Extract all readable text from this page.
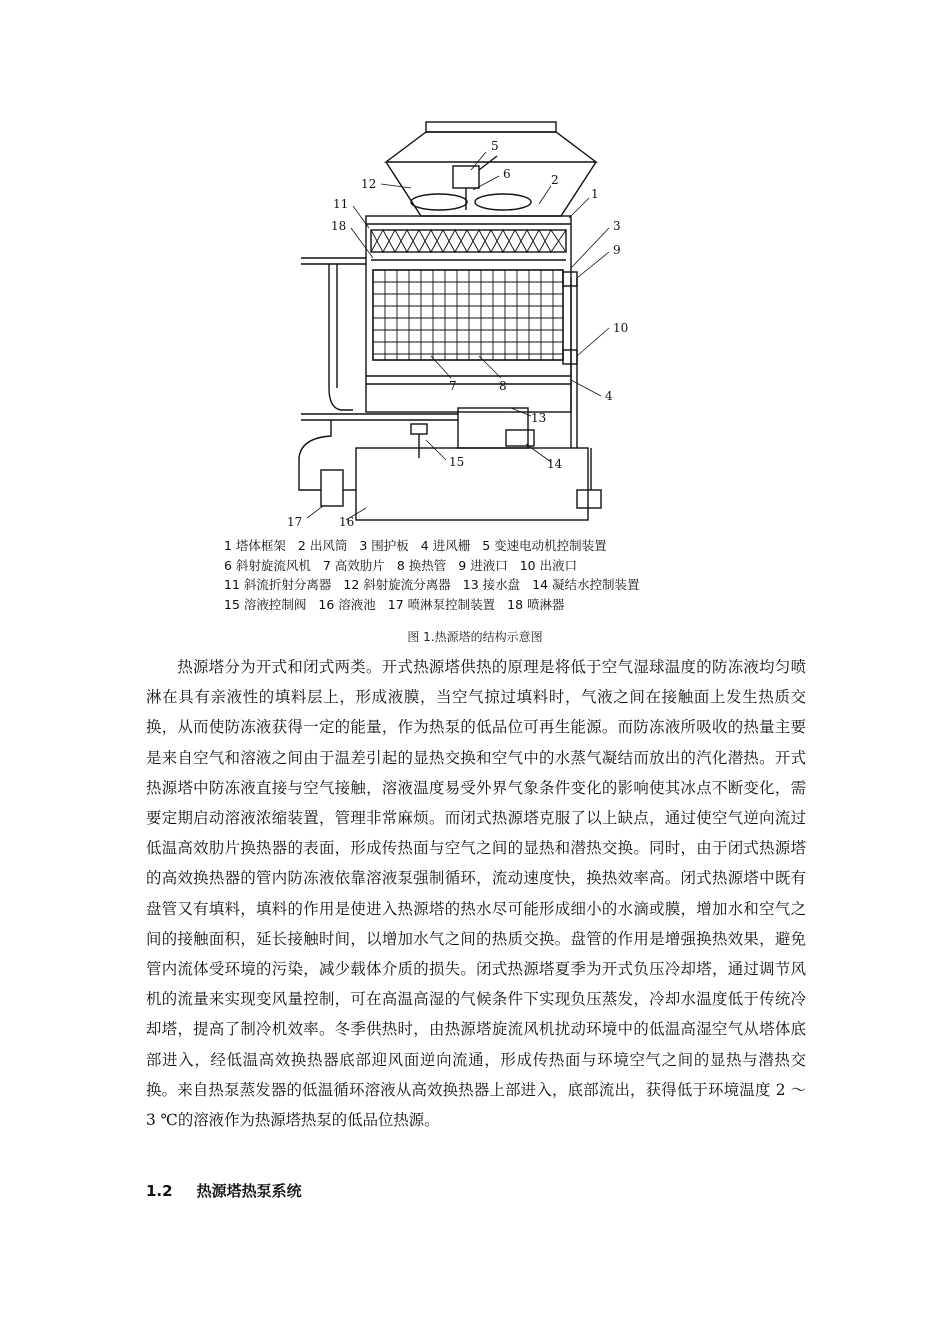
5
6
12	2
1
11
18	3
9
10
7	8
4
13
15	14
17	16
1 塔体框架 2 出风筒 3 围护板 4 进风栅 5 变速电动机控制装置
6 斜射旋流风机 7 高效肋片 8 换热管 9 进液口 10 出液口
11 斜流折射分离器 12 斜射旋流分离器 13 接水盘 14 凝结水控制装置
15 溶液控制阀 16 溶液池 17 喷淋泵控制装置 18 喷淋器
图 1.热源塔的结构示意图

热源塔分为开式和闭式两类。开式热源塔供热的原理是将低于空气湿球温度的防冻液均匀喷淋在具有亲液性的填料层上，形成液膜，当空气掠过填料时，气液之间在接触面上发生热质交换，从而使防冻液获得一定的能量，作为热泵的低品位可再生能源。而防冻液所吸收的热量主要是来自空气和溶液之间由于温差引起的显热交换和空气中的水蒸气凝结而放出的汽化潜热。开式热源塔中防冻液直接与空气接触，溶液温度易受外界气象条件变化的影响使其冰点不断变化，需要定期启动溶液浓缩装置，管理非常麻烦。而闭式热源塔克服了以上缺点，通过使空气逆向流过低温高效肋片换热器的表面，形成传热面与空气之间的显热和潜热交换。同时，由于闭式热源塔的高效换热器的管内防冻液依靠溶液泵强制循环，流动速度快，换热效率高。闭式热源塔中既有盘管又有填料，填料的作用是使进入热源塔的热水尽可能形成细小的水滴或膜，增加水和空气之间的接触面积，延长接触时间，以增加水气之间的热质交换。盘管的作用是增强换热效果，避免管内流体受环境的污染，减少载体介质的损失。闭式热源塔夏季为开式负压冷却塔，通过调节风机的流量来实现变风量控制，可在高温高湿的气候条件下实现负压蒸发，冷却水温度低于传统冷却塔，提高了制冷机效率。冬季供热时，由热源塔旋流风机扰动环境中的低温高湿空气从塔体底部进入，经低温高效换热器底部迎风面逆向流通，形成传热面与环境空气之间的显热与潜热交换。来自热泵蒸发器的低温循环溶液从高效换热器上部进入，底部流出，获得低于环境温度 2 ～ 3 ℃的溶液作为热源塔热泵的低品位热源。

1.2 热源塔热泵系统
